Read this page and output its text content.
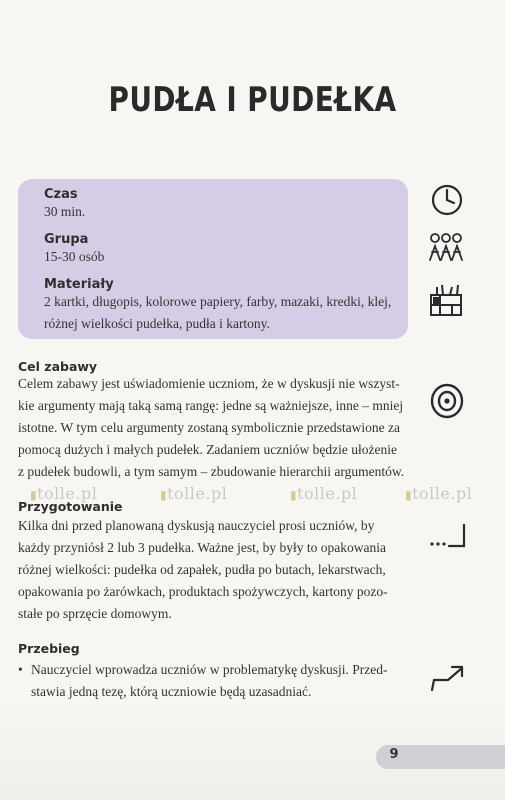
PUDŁA I PUDEŁKA
Czas
30 min.
Grupa
15-30 osób
Materiały
2 kartki, długopis, kolorowe papiery, farby, mazaki, kredki, klej,
różnej wielkości pudełka, pudła i kartony.
Cel zabawy
Celem zabawy jest uświadomienie uczniom, że w dyskusji nie wszyst-
kie argumenty mają taką samą rangę: jedne są ważniejsze, inne – mniej
istotne. W tym celu argumenty zostaną symbolicznie przedstawione za
pomocą dużych i małych pudełek. Zadaniem uczniów będzie ułożenie
z pudełek budowli, a tym samym – zbudowanie hierarchii argumentów.
▮tolle.pl	▮tolle.pl	▮tolle.pl	▮tolle.pl
Przygotowanie
Kilka dni przed planowaną dyskusją nauczyciel prosi uczniów, by
każdy przyniósł 2 lub 3 pudełka. Ważne jest, by były to opakowania
różnej wielkości: pudełka od zapałek, pudła po butach, lekarstwach,
opakowania po żarówkach, produktach spożywczych, kartony pozo-
stałe po sprzęcie domowym.
Przebieg
• Nauczyciel wprowadza uczniów w problematykę dyskusji. Przed-
stawia jedną tezę, którą uczniowie będą uzasadniać.
9
